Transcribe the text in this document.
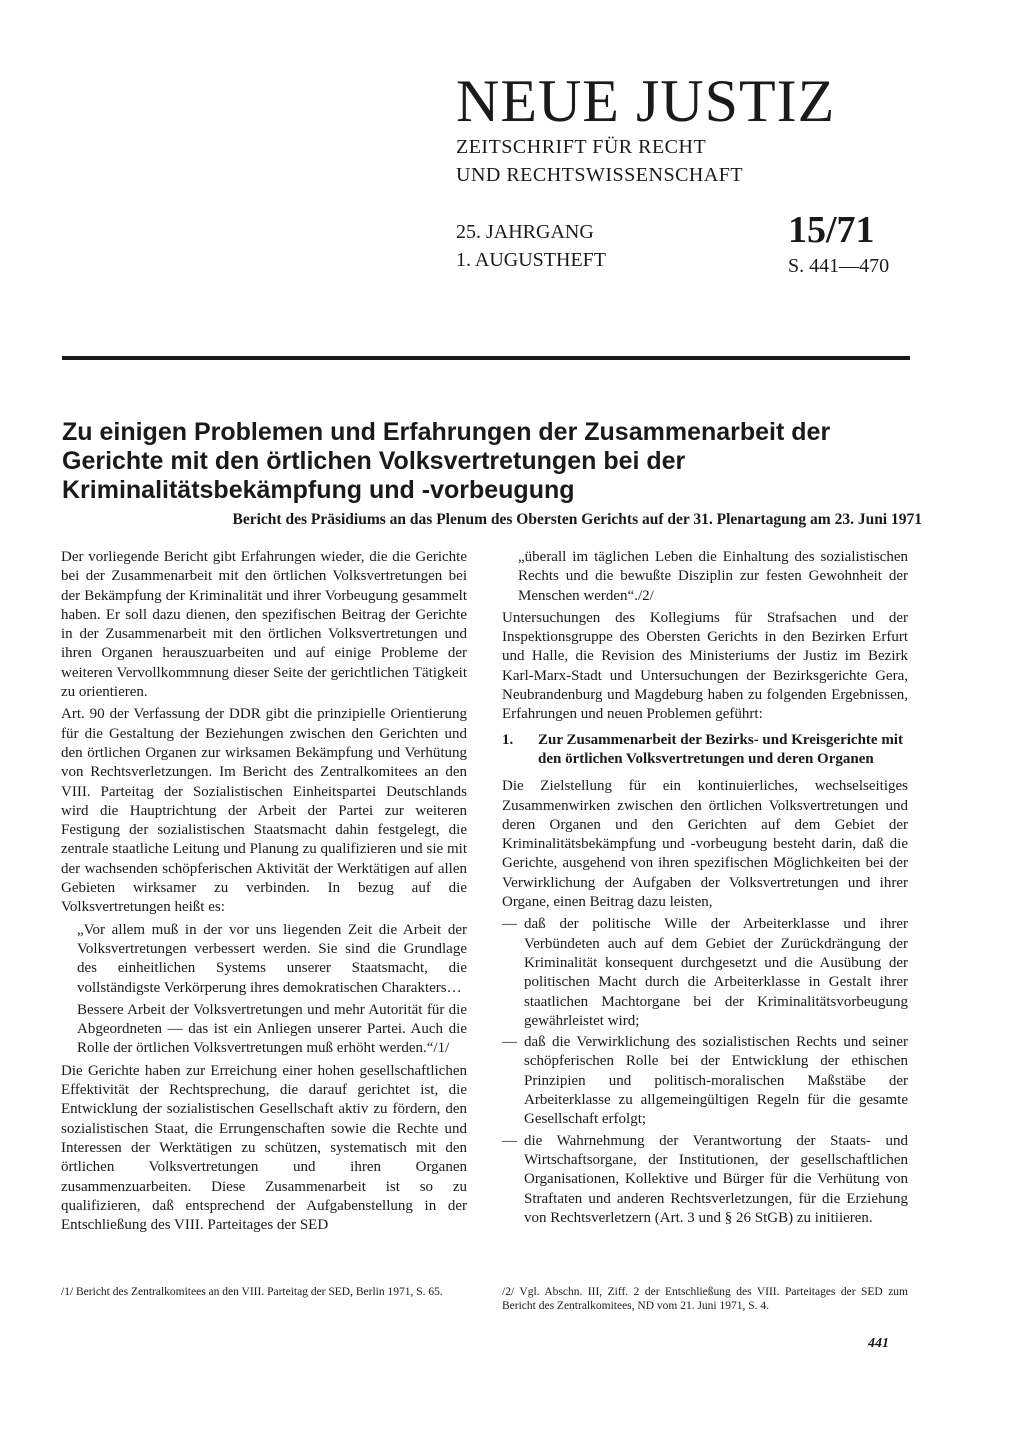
NEUE JUSTIZ
ZEITSCHRIFT FÜR RECHT
UND RECHTSWISSENSCHAFT
25. JAHRGANG
1. AUGUSTHEFT
15/71
S. 441—470
Zu einigen Problemen und Erfahrungen der Zusammenarbeit der Gerichte mit den örtlichen Volksvertretungen bei der Kriminalitätsbekämpfung und -vorbeugung

Bericht des Präsidiums an das Plenum des Obersten Gerichts auf der 31. Plenartagung am 23. Juni 1971

Der vorliegende Bericht gibt Erfahrungen wieder, die die Gerichte bei der Zusammenarbeit mit den örtlichen Volksvertretungen bei der Bekämpfung der Kriminalität und ihrer Vorbeugung gesammelt haben. Er soll dazu dienen, den spezifischen Beitrag der Gerichte in der Zusammenarbeit mit den örtlichen Volksvertretungen und ihren Organen herauszuarbeiten und auf einige Probleme der weiteren Vervollkommnung dieser Seite der gerichtlichen Tätigkeit zu orientieren.

Art. 90 der Verfassung der DDR gibt die prinzipielle Orientierung für die Gestaltung der Beziehungen zwischen den Gerichten und den örtlichen Organen zur wirksamen Bekämpfung und Verhütung von Rechtsverletzungen. Im Bericht des Zentralkomitees an den VIII. Parteitag der Sozialistischen Einheitspartei Deutschlands wird die Hauptrichtung der Arbeit der Partei zur weiteren Festigung der sozialistischen Staatsmacht dahin festgelegt, die zentrale staatliche Leitung und Planung zu qualifizieren und sie mit der wachsenden schöpferischen Aktivität der Werktätigen auf allen Gebieten wirksamer zu verbinden. In bezug auf die Volksvertretungen heißt es:

„Vor allem muß in der vor uns liegenden Zeit die Arbeit der Volksvertretungen verbessert werden. Sie sind die Grundlage des einheitlichen Systems unserer Staatsmacht, die vollständigste Verkörperung ihres demokratischen Charakters…

Bessere Arbeit der Volksvertretungen und mehr Autorität für die Abgeordneten — das ist ein Anliegen unserer Partei. Auch die Rolle der örtlichen Volksvertretungen muß erhöht werden.“/1/

Die Gerichte haben zur Erreichung einer hohen gesellschaftlichen Effektivität der Rechtsprechung, die darauf gerichtet ist, die Entwicklung der sozialistischen Gesellschaft aktiv zu fördern, den sozialistischen Staat, die Errungenschaften sowie die Rechte und Interessen der Werktätigen zu schützen, systematisch mit den örtlichen Volksvertretungen und ihren Organen zusammenzuarbeiten. Diese Zusammenarbeit ist so zu qualifizieren, daß entsprechend der Aufgabenstellung in der Entschließung des VIII. Parteitages der SED

„überall im täglichen Leben die Einhaltung des sozialistischen Rechts und die bewußte Disziplin zur festen Gewohnheit der Menschen werden“./2/

Untersuchungen des Kollegiums für Strafsachen und der Inspektionsgruppe des Obersten Gerichts in den Bezirken Erfurt und Halle, die Revision des Ministeriums der Justiz im Bezirk Karl-Marx-Stadt und Untersuchungen der Bezirksgerichte Gera, Neubrandenburg und Magdeburg haben zu folgenden Ergebnissen, Erfahrungen und neuen Problemen geführt:

1.	Zur Zusammenarbeit der Bezirks- und Kreisgerichte mit den örtlichen Volksvertretungen und deren Organen

Die Zielstellung für ein kontinuierliches, wechselseitiges Zusammenwirken zwischen den örtlichen Volksvertretungen und deren Organen und den Gerichten auf dem Gebiet der Kriminalitätsbekämpfung und -vorbeugung besteht darin, daß die Gerichte, ausgehend von ihren spezifischen Möglichkeiten bei der Verwirklichung der Aufgaben der Volksvertretungen und ihrer Organe, einen Beitrag dazu leisten,

— daß der politische Wille der Arbeiterklasse und ihrer Verbündeten auch auf dem Gebiet der Zurückdrängung der Kriminalität konsequent durchgesetzt und die Ausübung der politischen Macht durch die Arbeiterklasse in Gestalt ihrer staatlichen Machtorgane bei der Kriminalitätsvorbeugung gewährleistet wird;
— daß die Verwirklichung des sozialistischen Rechts und seiner schöpferischen Rolle bei der Entwicklung der ethischen Prinzipien und politisch-moralischen Maßstäbe der Arbeiterklasse zu allgemeingültigen Regeln für die gesamte Gesellschaft erfolgt;
— die Wahrnehmung der Verantwortung der Staats- und Wirtschaftsorgane, der Institutionen, der gesellschaftlichen Organisationen, Kollektive und Bürger für die Verhütung von Straftaten und anderen Rechtsverletzungen, für die Erziehung von Rechtsverletzern (Art. 3 und § 26 StGB) zu initiieren.
/1/ Bericht des Zentralkomitees an den VIII. Parteitag der SED, Berlin 1971, S. 65.	/2/ Vgl. Abschn. III, Ziff. 2 der Entschließung des VIII. Parteitages der SED zum Bericht des Zentralkomitees, ND vom 21. Juni 1971, S. 4.
441
